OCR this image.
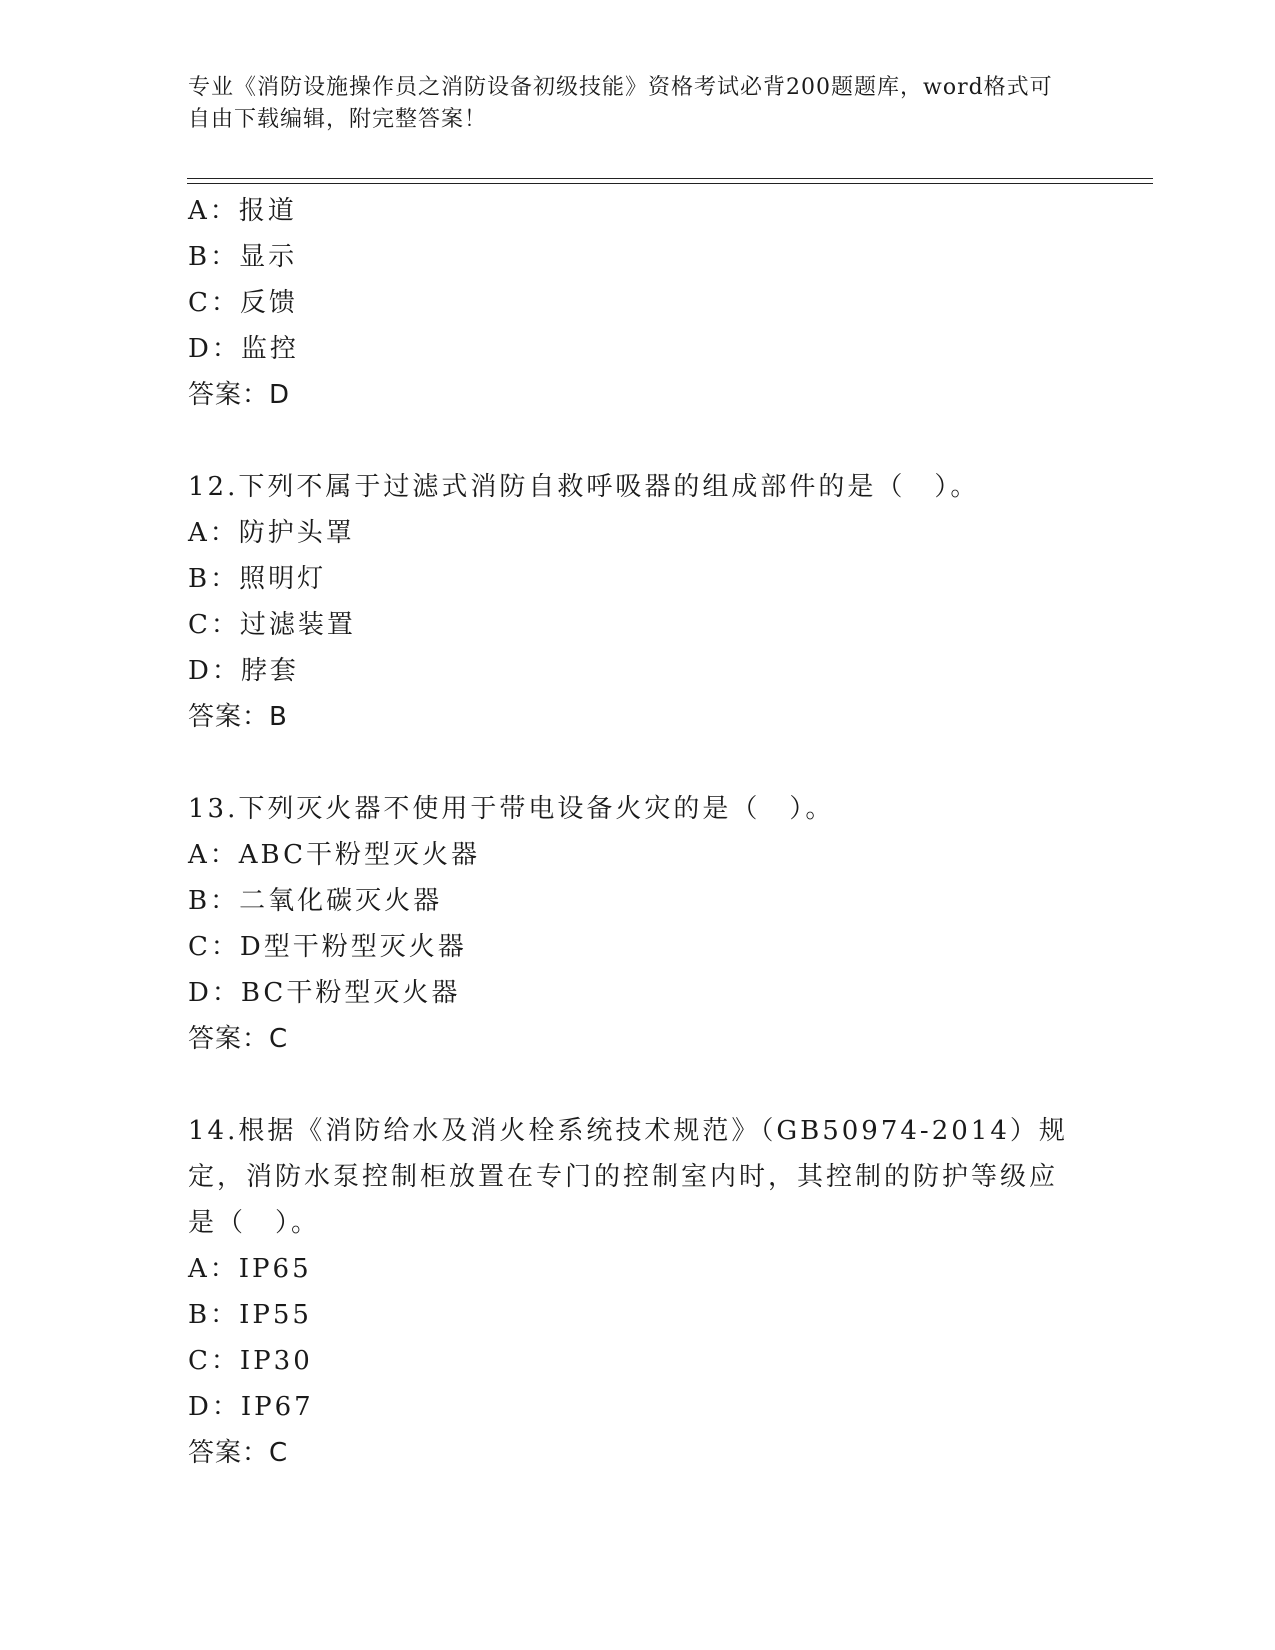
专业《消防设施操作员之消防设备初级技能》资格考试必背200题题库，word格式可自由下载编辑，附完整答案！
A：报道
B：显示
C：反馈
D：监控
答案：D
12.下列不属于过滤式消防自救呼吸器的组成部件的是（　）。
A：防护头罩
B：照明灯
C：过滤装置
D：脖套
答案：B
13.下列灭火器不使用于带电设备火灾的是（　）。
A：ABC干粉型灭火器
B：二氧化碳灭火器
C：D型干粉型灭火器
D：BC干粉型灭火器
答案：C
14.根据《消防给水及消火栓系统技术规范》（GB50974-2014）规定，消防水泵控制柜放置在专门的控制室内时，其控制的防护等级应是（　）。
A：IP65
B：IP55
C：IP30
D：IP67
答案：C
